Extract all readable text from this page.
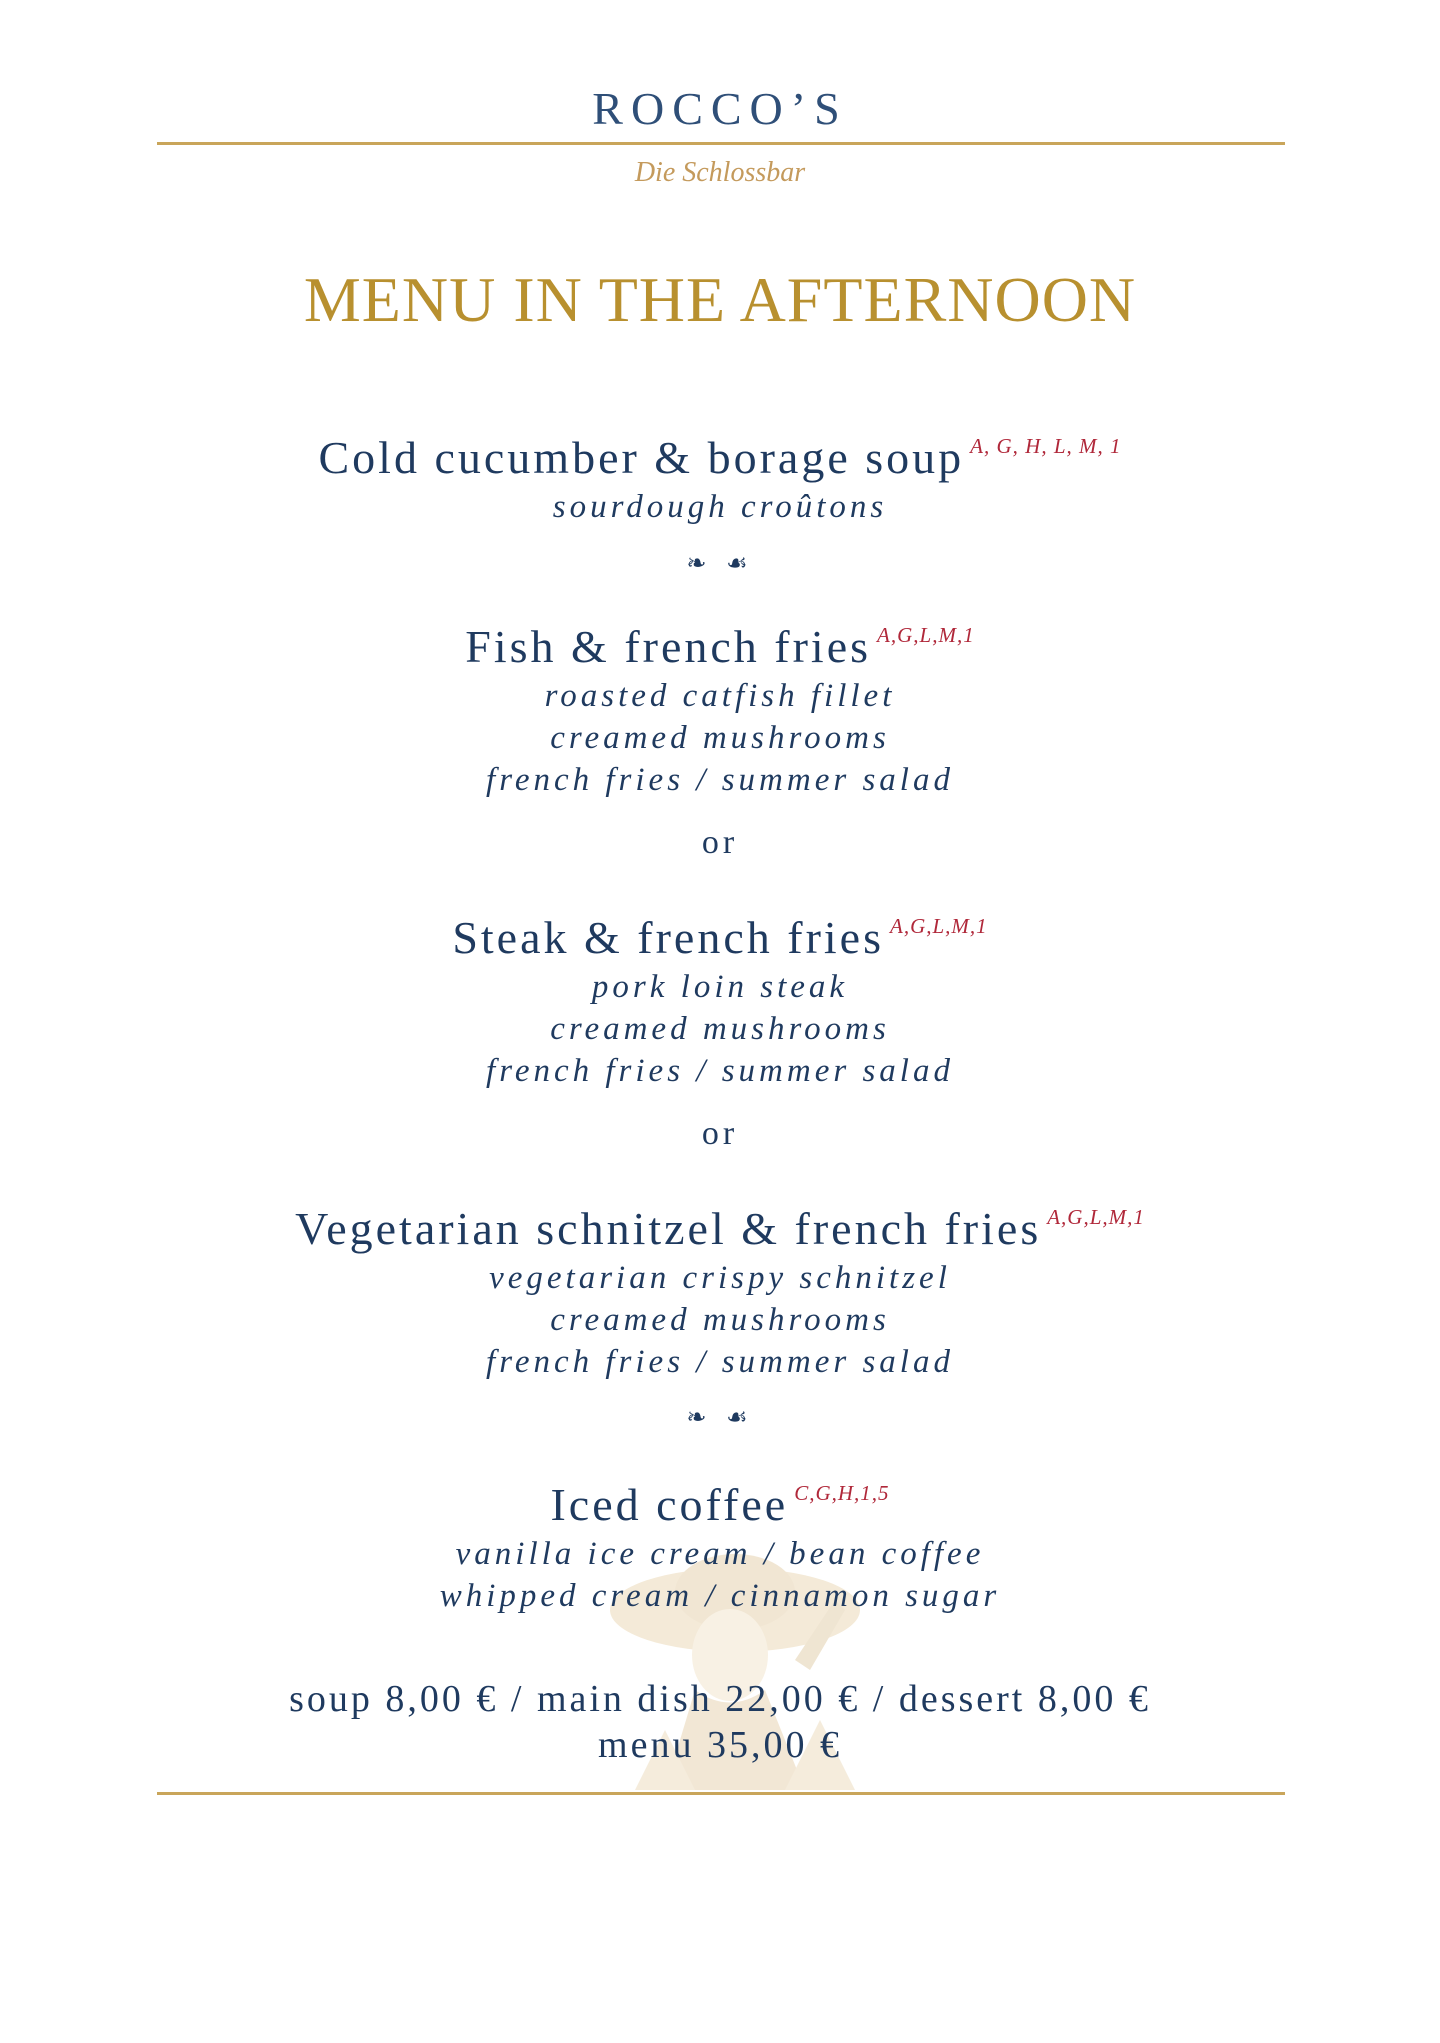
ROCCO’S
Die Schlossbar
MENU IN THE AFTERNOON
Cold cucumber & borage soup $^{A, G, H, L, M, 1}$
sourdough croûtons
❧ ☙
Fish & french fries $^{A,G,L,M,1}$
roasted catfish fillet
creamed mushrooms
french fries / summer salad
or
Steak & french fries $^{A,G,L,M,1}$
pork loin steak
creamed mushrooms
french fries / summer salad
or
Vegetarian schnitzel & french fries $^{A,G,L,M,1}$
vegetarian crispy schnitzel
creamed mushrooms
french fries / summer salad
❧ ☙
Iced coffee $^{C,G,H,1,5}$
vanilla ice cream / bean coffee
whipped cream / cinnamon sugar
soup 8,00 € / main dish 22,00 € / dessert 8,00 €
menu 35,00 €
